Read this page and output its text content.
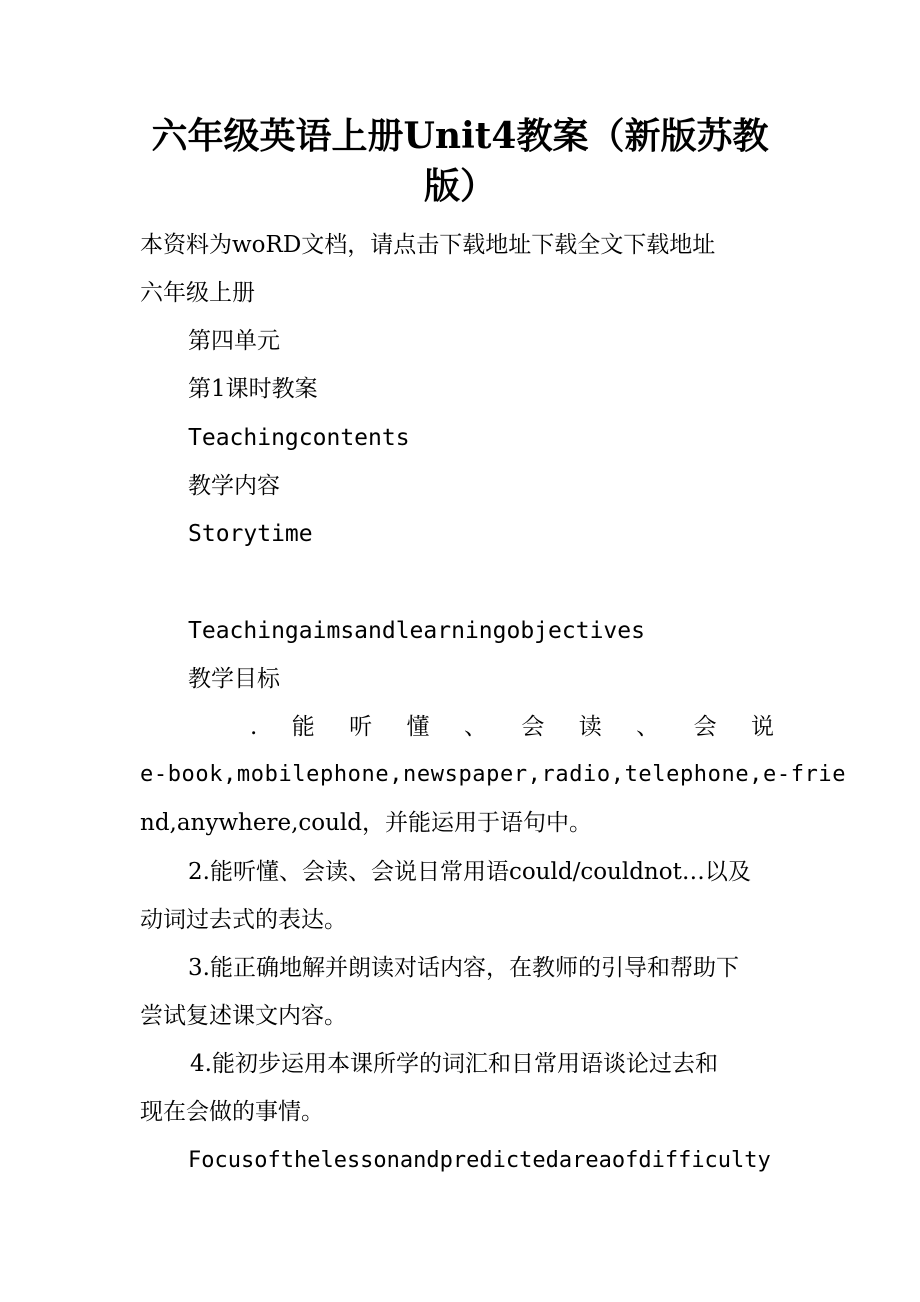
六年级英语上册Unit4教案（新版苏教
版）
本资料为woRD文档，请点击下载地址下载全文下载地址
六年级上册
第四单元
第1课时教案
Teachingcontents
教学内容
Storytime
Teachingaimsandlearningobjectives
教学目标
. 能 听 懂 、 会 读 、 会 说
e-book,mobilephone,newspaper,radio,telephone,e-frie
nd,anywhere,could，并能运用于语句中。
2.能听懂、会读、会说日常用语could/couldnot…以及
动词过去式的表达。
3.能正确地解并朗读对话内容，在教师的引导和帮助下
尝试复述课文内容。
4.能初步运用本课所学的词汇和日常用语谈论过去和
现在会做的事情。
Focusofthelessonandpredictedareaofdifficulty
